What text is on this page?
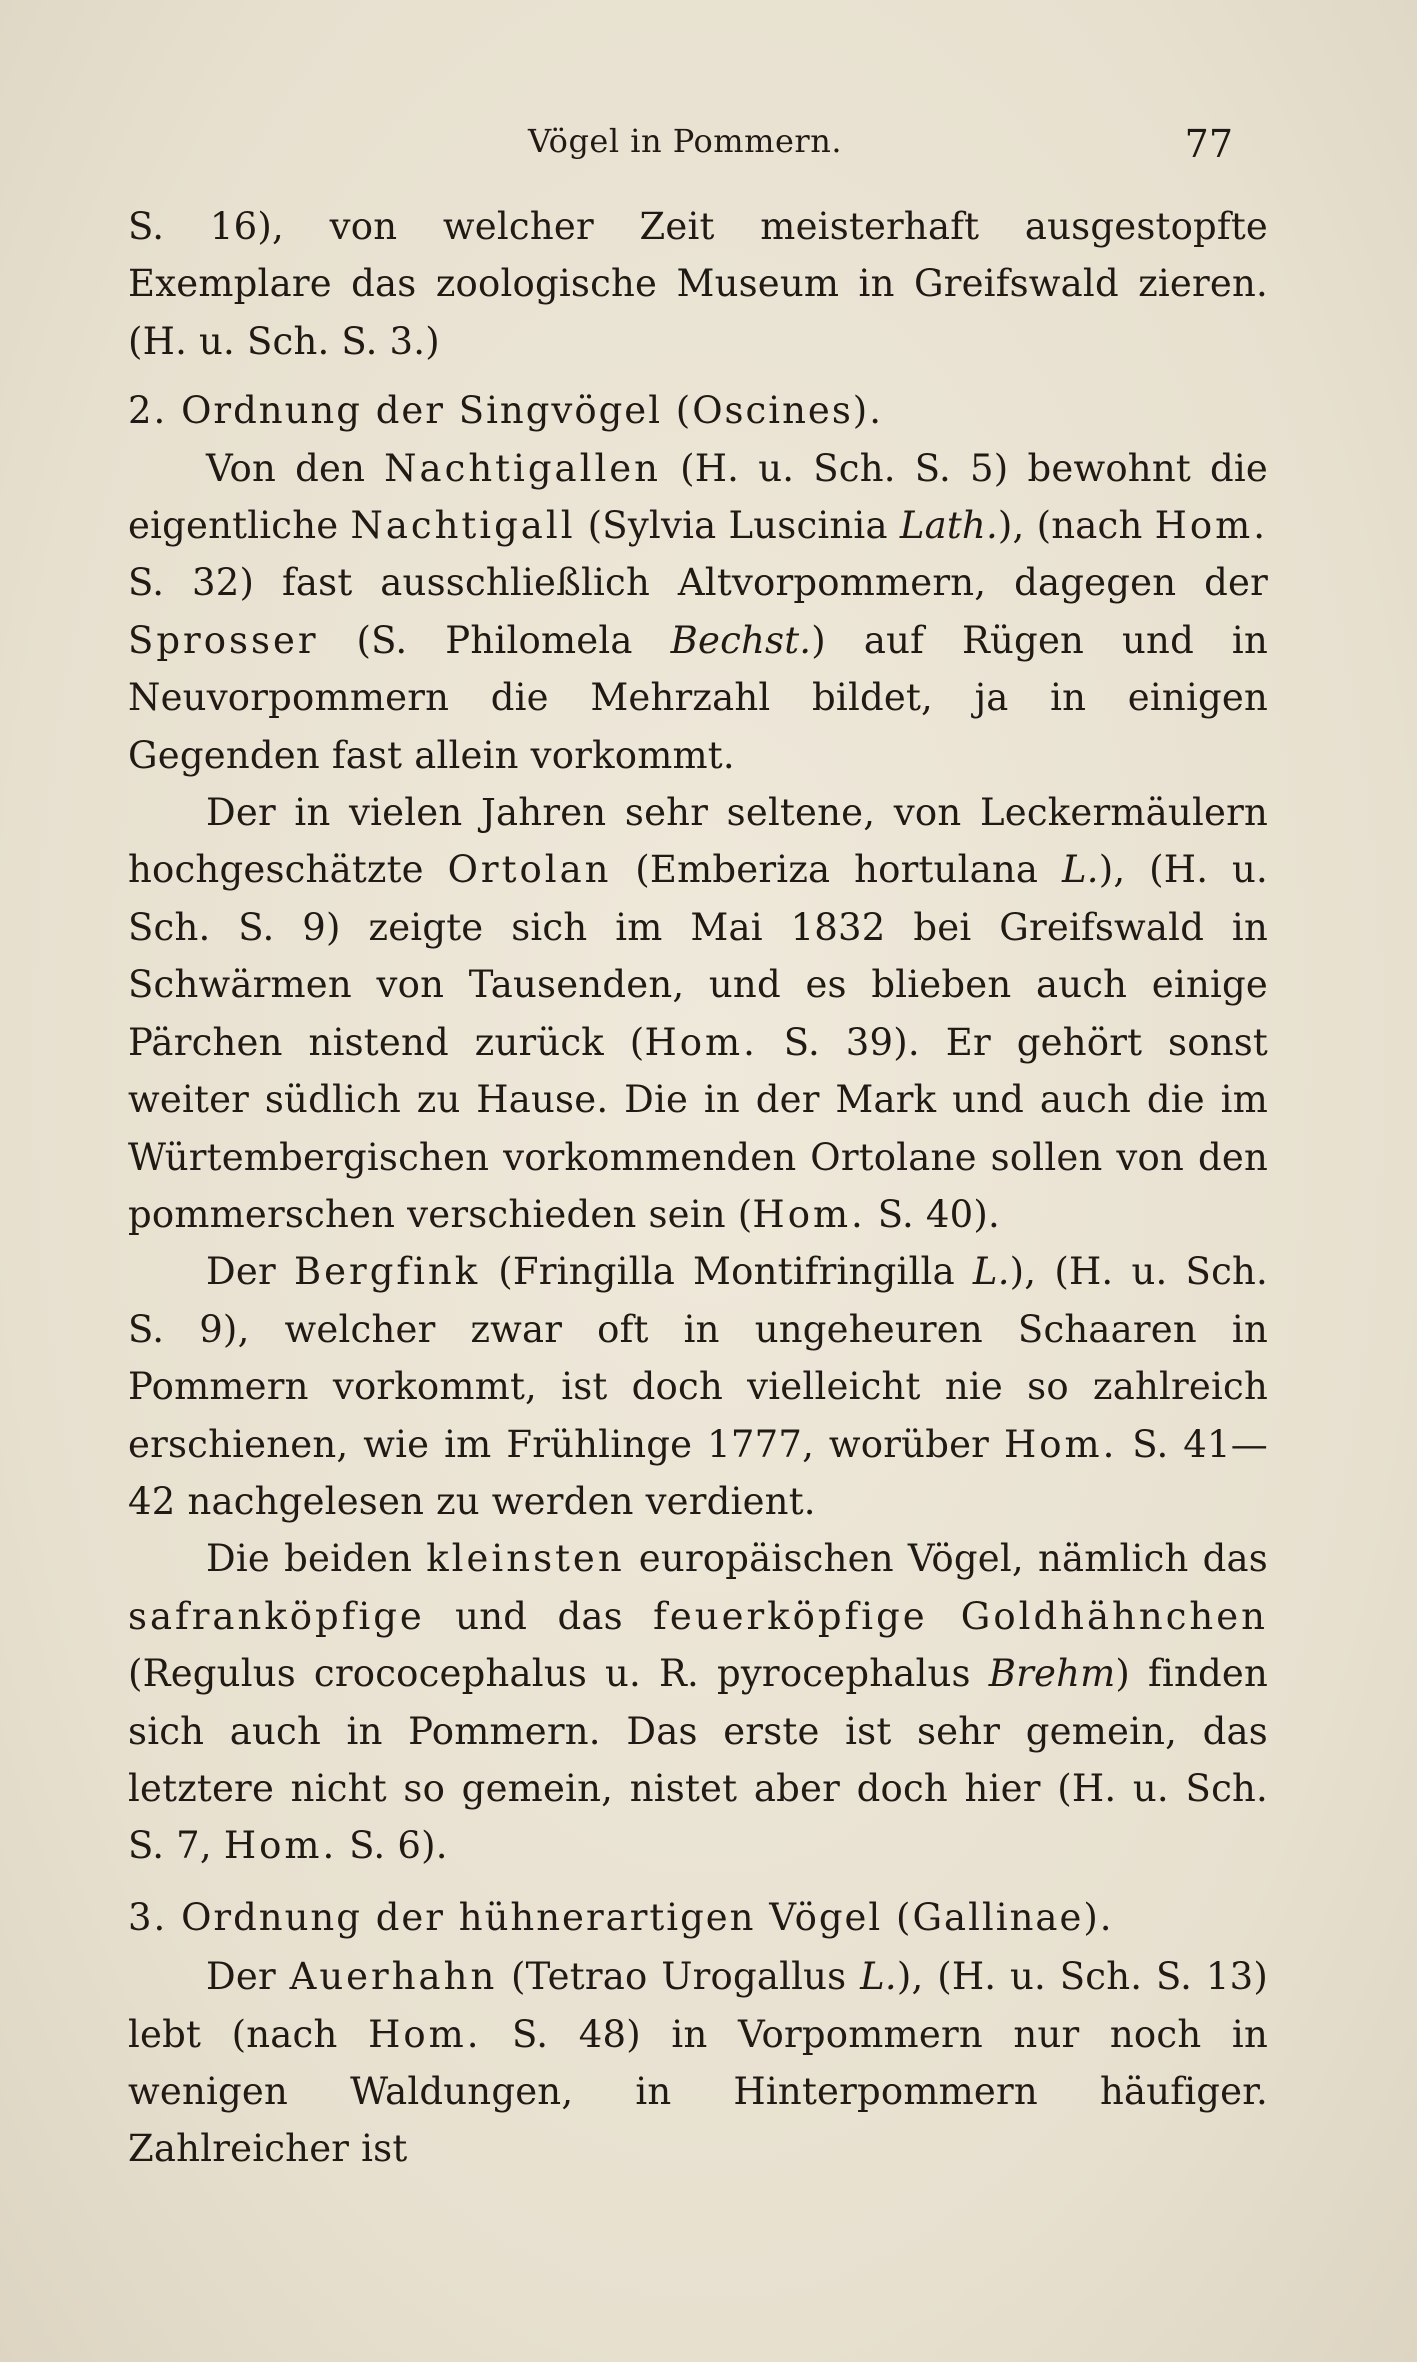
Vögel in Pommern.	77

S. 16), von welcher Zeit meisterhaft ausgestopfte Exemplare das zoologische Museum in Greifswald zieren. (H. u. Sch. S. 3.)

2. Ordnung der Singvögel (Oscines).

Von den Nachtigallen (H. u. Sch. S. 5) bewohnt die eigentliche Nachtigall (Sylvia Luscinia Lath.), (nach Hom. S. 32) fast ausschließlich Altvorpommern, dagegen der Sprosser (S. Philomela Bechst.) auf Rügen und in Neuvorpommern die Mehrzahl bildet, ja in einigen Gegenden fast allein vorkommt.

Der in vielen Jahren sehr seltene, von Leckermäulern hochgeschätzte Ortolan (Emberiza hortulana L.), (H. u. Sch. S. 9) zeigte sich im Mai 1832 bei Greifswald in Schwärmen von Tausenden, und es blieben auch einige Pärchen nistend zurück (Hom. S. 39). Er gehört sonst weiter südlich zu Hause. Die in der Mark und auch die im Würtembergischen vorkommenden Ortolane sollen von den pommerschen verschieden sein (Hom. S. 40).

Der Bergfink (Fringilla Montifringilla L.), (H. u. Sch. S. 9), welcher zwar oft in ungeheuren Schaaren in Pommern vorkommt, ist doch vielleicht nie so zahlreich erschienen, wie im Frühlinge 1777, worüber Hom. S. 41—42 nachgelesen zu werden verdient.

Die beiden kleinsten europäischen Vögel, nämlich das safranköpfige und das feuerköpfige Goldhähnchen (Regulus crococephalus u. R. pyrocephalus Brehm) finden sich auch in Pommern. Das erste ist sehr gemein, das letztere nicht so gemein, nistet aber doch hier (H. u. Sch. S. 7, Hom. S. 6).

3. Ordnung der hühnerartigen Vögel (Gallinae).

Der Auerhahn (Tetrao Urogallus L.), (H. u. Sch. S. 13) lebt (nach Hom. S. 48) in Vorpommern nur noch in wenigen Waldungen, in Hinterpommern häufiger. Zahlreicher ist
